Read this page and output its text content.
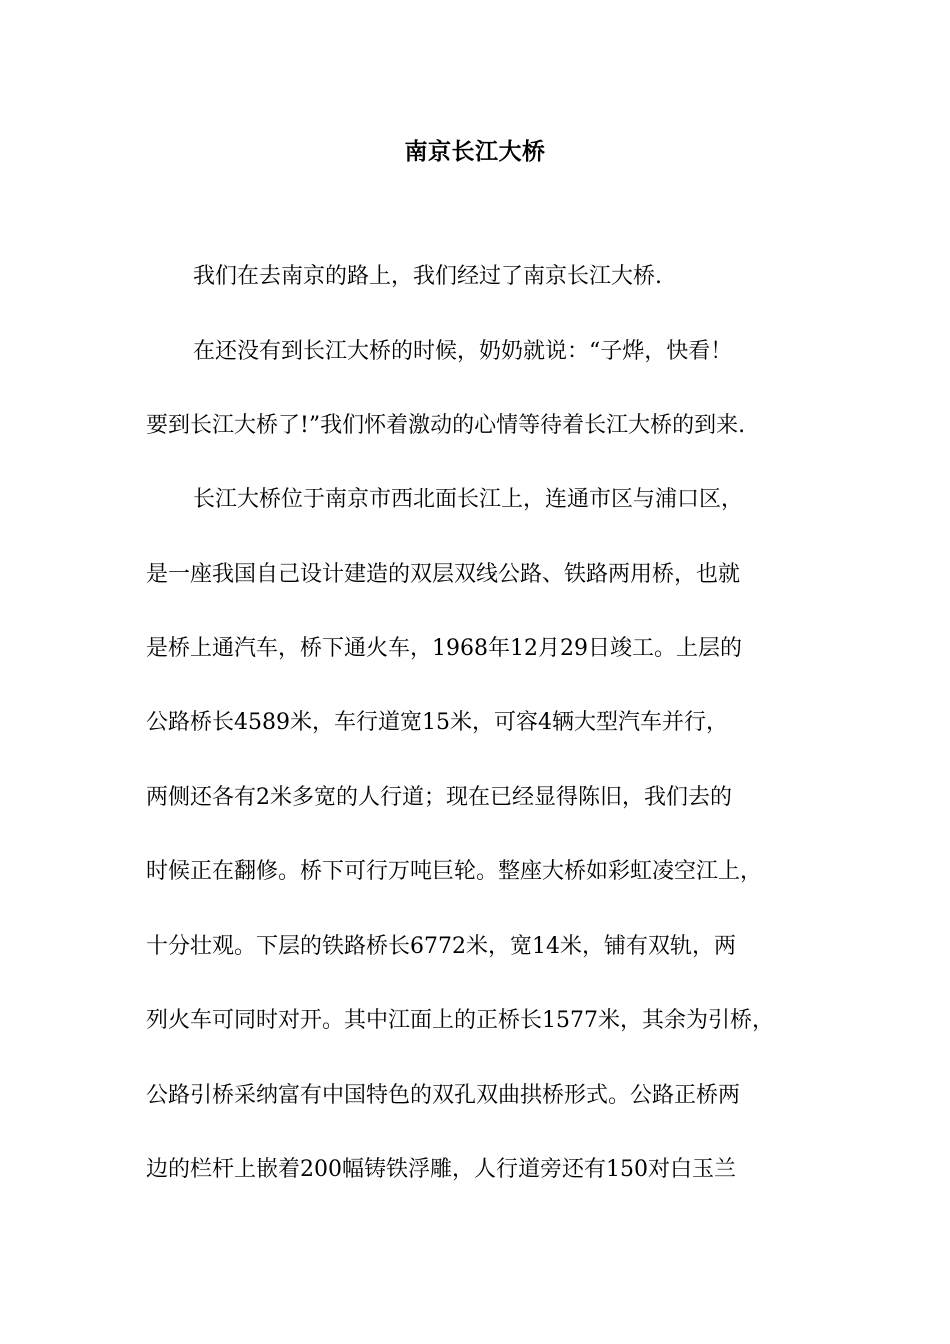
南京长江大桥
我们在去南京的路上，我们经过了南京长江大桥.
在还没有到长江大桥的时候，奶奶就说：“子烨，快看！
要到长江大桥了!”我们怀着激动的心情等待着长江大桥的到来.
长江大桥位于南京市西北面长江上，连通市区与浦口区，
是一座我国自己设计建造的双层双线公路、铁路两用桥，也就
是桥上通汽车，桥下通火车，1968年12月29日竣工。上层的
公路桥长4589米，车行道宽15米，可容4辆大型汽车并行，
两侧还各有2米多宽的人行道；现在已经显得陈旧，我们去的
时候正在翻修。桥下可行万吨巨轮。整座大桥如彩虹凌空江上，
十分壮观。下层的铁路桥长6772米，宽14米，铺有双轨，两
列火车可同时对开。其中江面上的正桥长1577米，其余为引桥，
公路引桥采纳富有中国特色的双孔双曲拱桥形式。公路正桥两
边的栏杆上嵌着200幅铸铁浮雕，人行道旁还有150对白玉兰
